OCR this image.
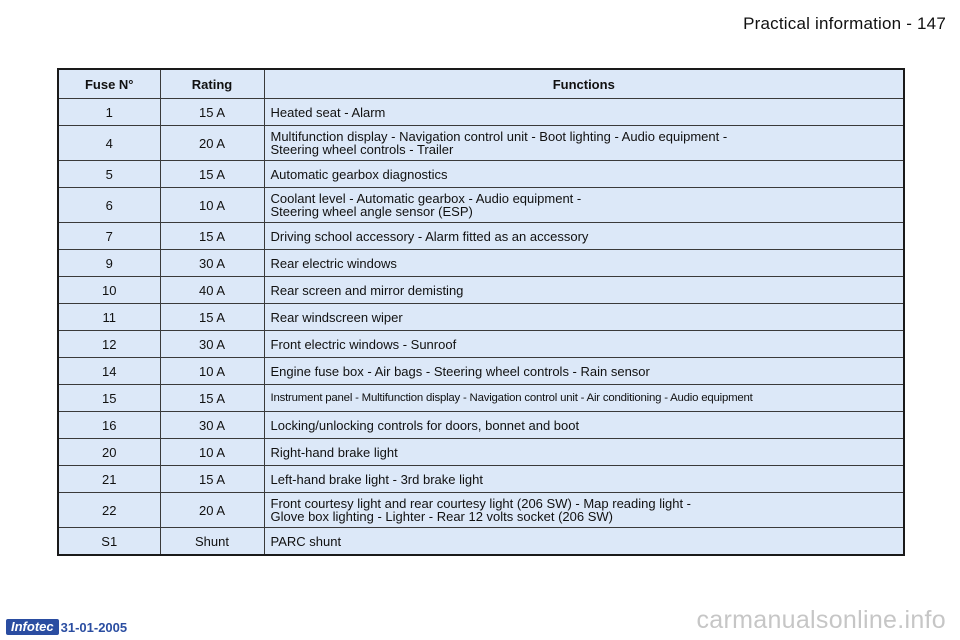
Practical information - 147
Fuse N°	Rating	Functions
1	15 A	Heated seat - Alarm
4	20 A	Multifunction display - Navigation control unit - Boot lighting - Audio equipment -
Steering wheel controls - Trailer
5	15 A	Automatic gearbox diagnostics
6	10 A	Coolant level - Automatic gearbox - Audio equipment -
Steering wheel angle sensor (ESP)
7	15 A	Driving school accessory - Alarm fitted as an accessory
9	30 A	Rear electric windows
10	40 A	Rear screen and mirror demisting
11	15 A	Rear windscreen wiper
12	30 A	Front electric windows - Sunroof
14	10 A	Engine fuse box - Air bags - Steering wheel controls - Rain sensor
15	15 A	Instrument panel - Multifunction display - Navigation control unit - Air conditioning - Audio equipment
16	30 A	Locking/unlocking controls for doors, bonnet and boot
20	10 A	Right-hand brake light
21	15 A	Left-hand brake light - 3rd brake light
22	20 A	Front courtesy light and rear courtesy light (206 SW) - Map reading light -
Glove box lighting - Lighter - Rear 12 volts socket (206 SW)
S1	Shunt	PARC shunt
Infotec 31-01-2005	carmanualsonline.info
